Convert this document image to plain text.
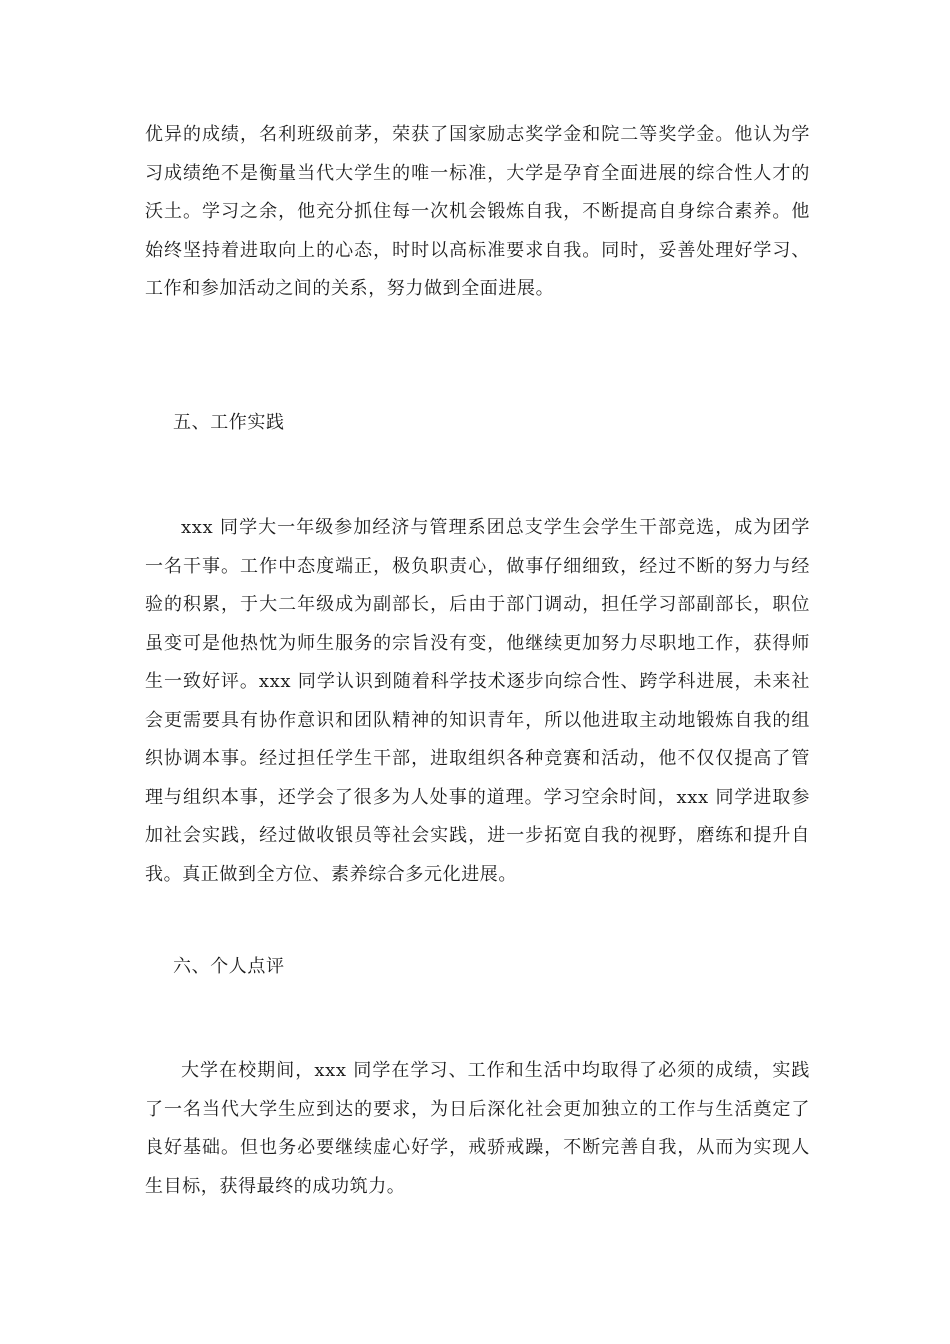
优异的成绩，名利班级前茅，荣获了国家励志奖学金和院二等奖学金。他认为学习成绩绝不是衡量当代大学生的唯一标准，大学是孕育全面进展的综合性人才的沃土。学习之余，他充分抓住每一次机会锻炼自我，不断提高自身综合素养。他始终坚持着进取向上的心态，时时以高标准要求自我。同时，妥善处理好学习、工作和参加活动之间的关系，努力做到全面进展。

五、工作实践

xxx 同学大一年级参加经济与管理系团总支学生会学生干部竞选，成为团学一名干事。工作中态度端正，极负职责心，做事仔细细致，经过不断的努力与经验的积累，于大二年级成为副部长，后由于部门调动，担任学习部副部长，职位虽变可是他热忱为师生服务的宗旨没有变，他继续更加努力尽职地工作，获得师生一致好评。xxx 同学认识到随着科学技术逐步向综合性、跨学科进展，未来社会更需要具有协作意识和团队精神的知识青年，所以他进取主动地锻炼自我的组织协调本事。经过担任学生干部，进取组织各种竞赛和活动，他不仅仅提高了管理与组织本事，还学会了很多为人处事的道理。学习空余时间，xxx 同学进取参加社会实践，经过做收银员等社会实践，进一步拓宽自我的视野，磨练和提升自我。真正做到全方位、素养综合多元化进展。

六、个人点评

大学在校期间，xxx 同学在学习、工作和生活中均取得了必须的成绩，实践了一名当代大学生应到达的要求，为日后深化社会更加独立的工作与生活奠定了良好基础。但也务必要继续虚心好学，戒骄戒躁，不断完善自我，从而为实现人生目标，获得最终的成功筑力。
